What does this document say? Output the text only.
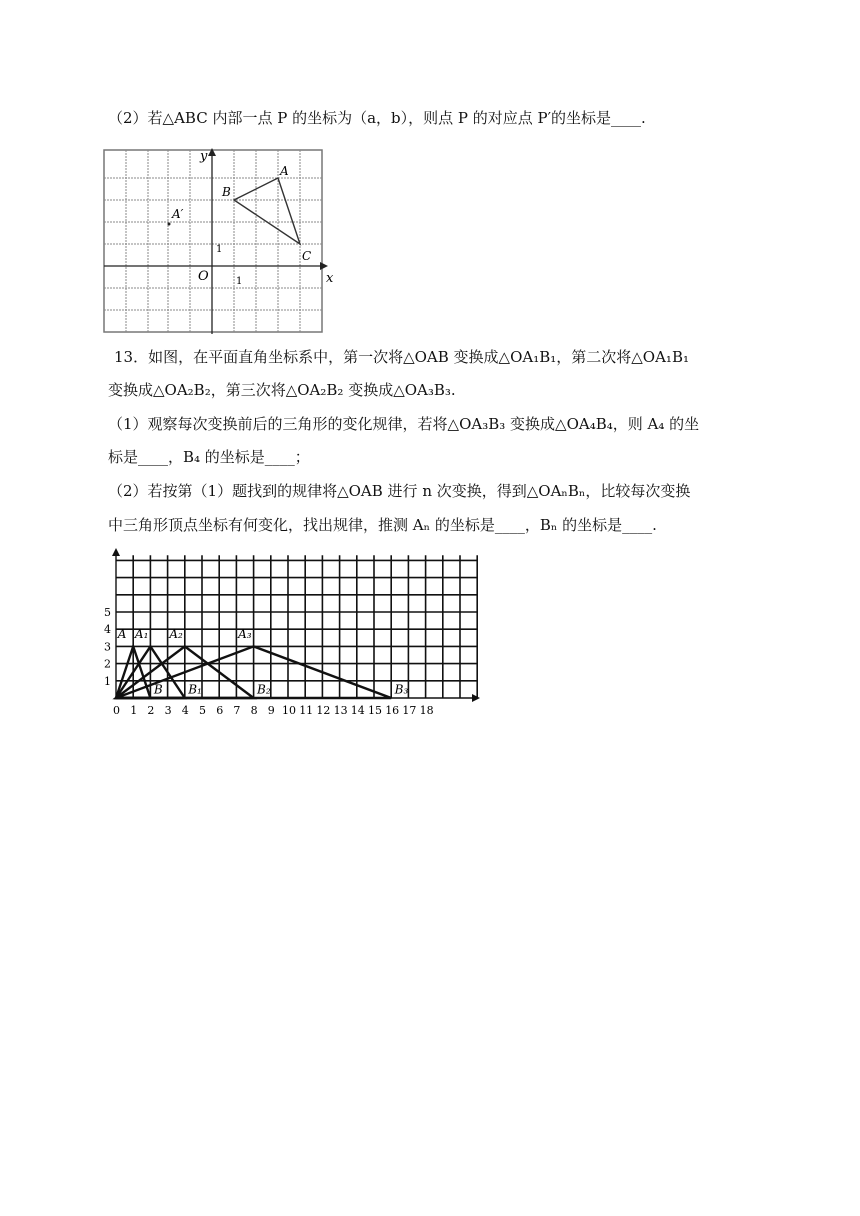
（2）若△ABC 内部一点 P 的坐标为（a，b），则点 P 的对应点 P′的坐标是____.
x
y
O	1
1
A
B
C
A′
13．如图，在平面直角坐标系中，第一次将△OAB 变换成△OA₁B₁，第二次将△OA₁B₁
变换成△OA₂B₂，第三次将△OA₂B₂ 变换成△OA₃B₃.
（1）观察每次变换前后的三角形的变化规律，若将△OA₃B₃ 变换成△OA₄B₄，则 A₄ 的坐
标是____，B₄ 的坐标是____；
（2）若按第（1）题找到的规律将△OAB 进行 n 次变换，得到△OAₙBₙ，比较每次变换
中三角形顶点坐标有何变化，找出规律，推测 Aₙ 的坐标是____，Bₙ 的坐标是____.
0 1 2 3 4 5 6 7 8 9 10 11 12 13 14 15 16 17 18
1
2
3
4
5
A A₁ A₂	A₃
B B₁	B₂	B₃
